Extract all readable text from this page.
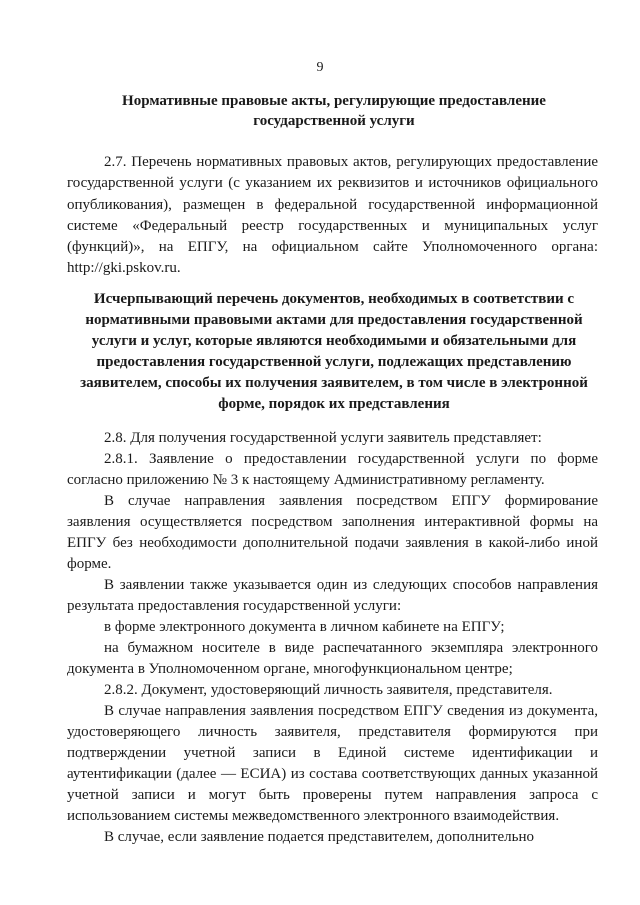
9
Нормативные правовые акты, регулирующие предоставление государственной услуги

2.7. Перечень нормативных правовых актов, регулирующих предоставление государственной услуги (с указанием их реквизитов и источников официального опубликования), размещен в федеральной государственной информационной системе «Федеральный реестр государственных и муниципальных услуг (функций)», на ЕПГУ, на официальном сайте Уполномоченного органа: http://gki.pskov.ru.

Исчерпывающий перечень документов, необходимых в соответствии с нормативными правовыми актами для предоставления государственной услуги и услуг, которые являются необходимыми и обязательными для предоставления государственной услуги, подлежащих представлению заявителем, способы их получения заявителем, в том числе в электронной форме, порядок их представления

2.8. Для получения государственной услуги заявитель представляет:

2.8.1. Заявление о предоставлении государственной услуги по форме согласно приложению № 3 к настоящему Административному регламенту.

В случае направления заявления посредством ЕПГУ формирование заявления осуществляется посредством заполнения интерактивной формы на ЕПГУ без необходимости дополнительной подачи заявления в какой-либо иной форме.

В заявлении также указывается один из следующих способов направления результата предоставления государственной услуги:

в форме электронного документа в личном кабинете на ЕПГУ;

на бумажном носителе в виде распечатанного экземпляра электронного документа в Уполномоченном органе, многофункциональном центре;

2.8.2. Документ, удостоверяющий личность заявителя, представителя.

В случае направления заявления посредством ЕПГУ сведения из документа, удостоверяющего личность заявителя, представителя формируются при подтверждении учетной записи в Единой системе идентификации и аутентификации (далее — ЕСИА) из состава соответствующих данных указанной учетной записи и могут быть проверены путем направления запроса с использованием системы межведомственного электронного взаимодействия.

В случае, если заявление подается представителем, дополнительно
